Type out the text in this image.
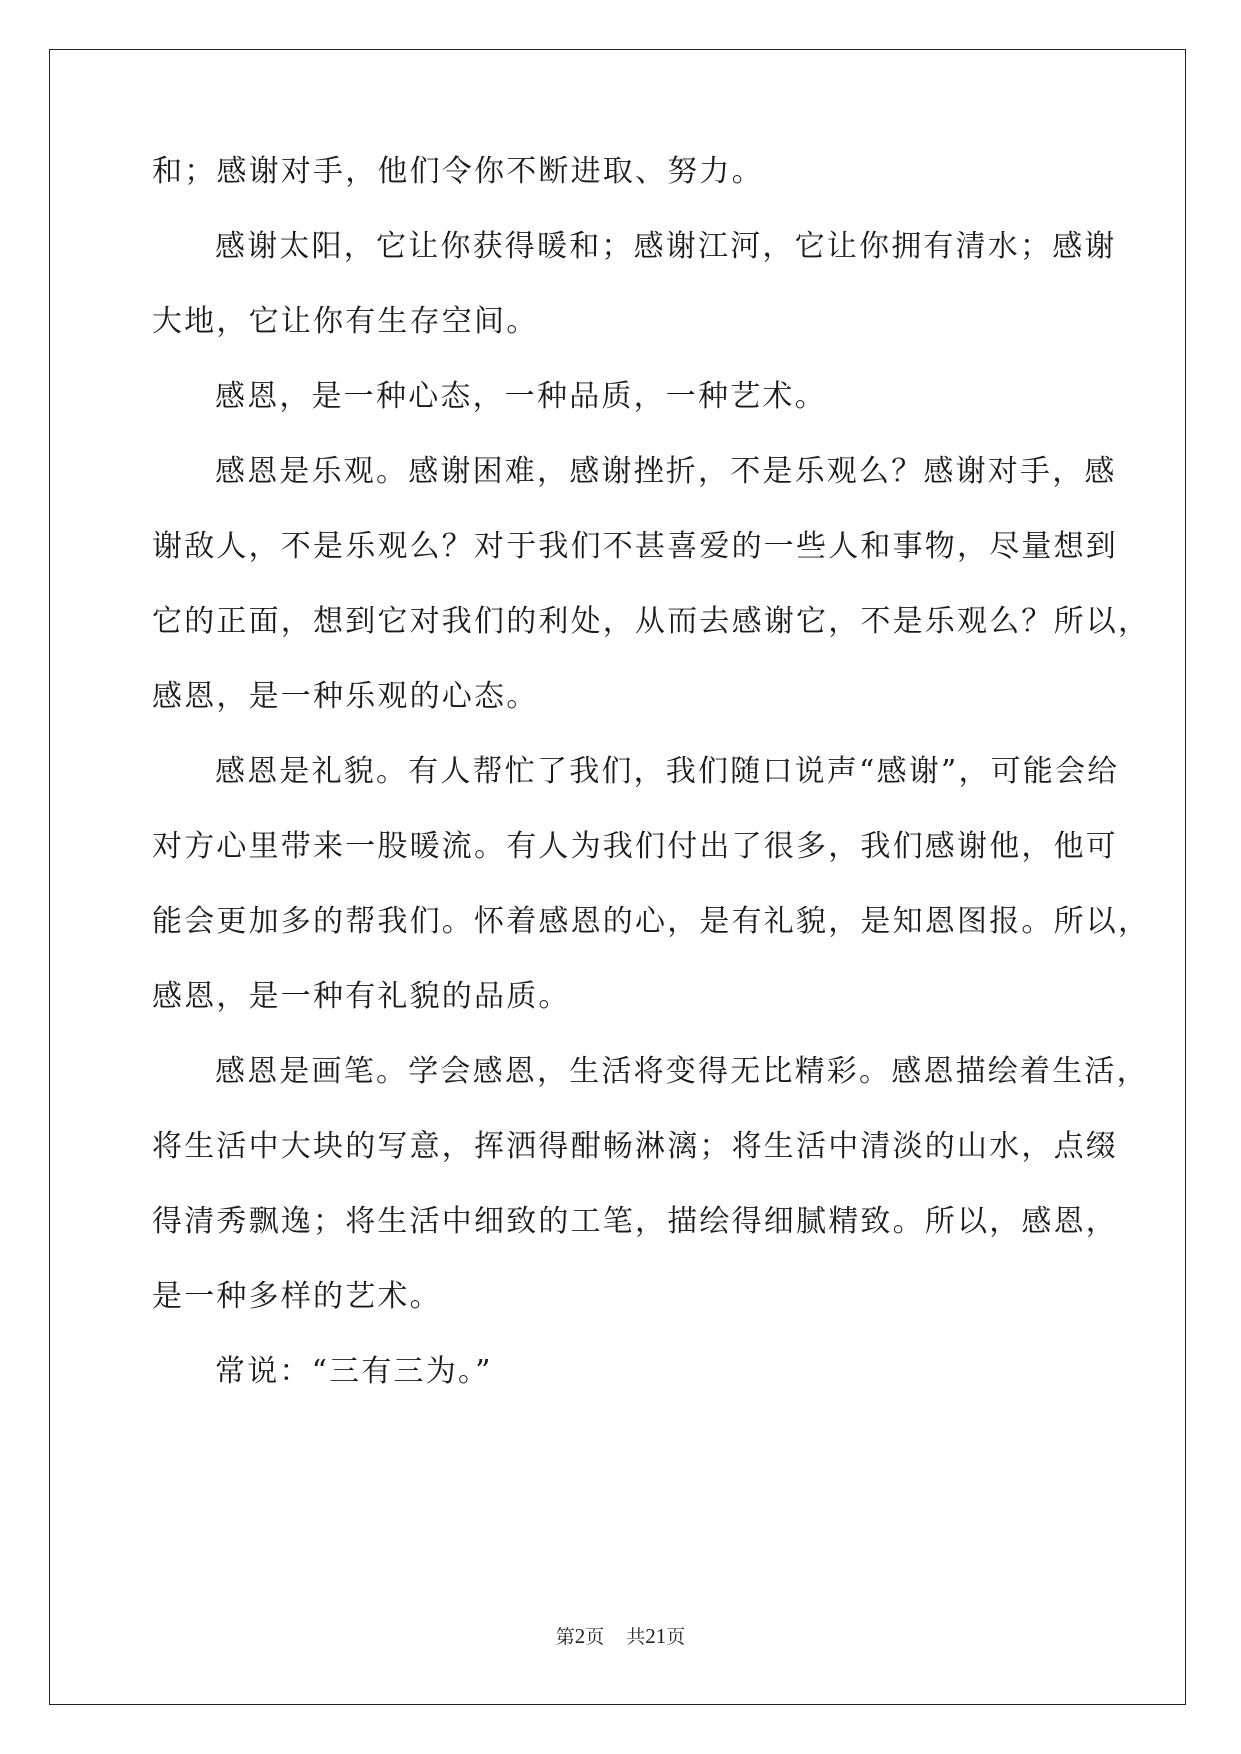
和；感谢对手，他们令你不断进取、努力。
感谢太阳，它让你获得暖和；感谢江河，它让你拥有清水；感谢
大地，它让你有生存空间。
感恩，是一种心态，一种品质，一种艺术。
感恩是乐观。感谢困难，感谢挫折，不是乐观么？感谢对手，感
谢敌人，不是乐观么？对于我们不甚喜爱的一些人和事物，尽量想到
它的正面，想到它对我们的利处，从而去感谢它，不是乐观么？所以，
感恩，是一种乐观的心态。
感恩是礼貌。有人帮忙了我们，我们随口说声“感谢”，可能会给
对方心里带来一股暖流。有人为我们付出了很多，我们感谢他，他可
能会更加多的帮我们。怀着感恩的心，是有礼貌，是知恩图报。所以，
感恩，是一种有礼貌的品质。
感恩是画笔。学会感恩，生活将变得无比精彩。感恩描绘着生活，
将生活中大块的写意，挥洒得酣畅淋漓；将生活中清淡的山水，点缀
得清秀飘逸；将生活中细致的工笔，描绘得细腻精致。所以，感恩，
是一种多样的艺术。
常说：“三有三为。”
第2页 共21页
